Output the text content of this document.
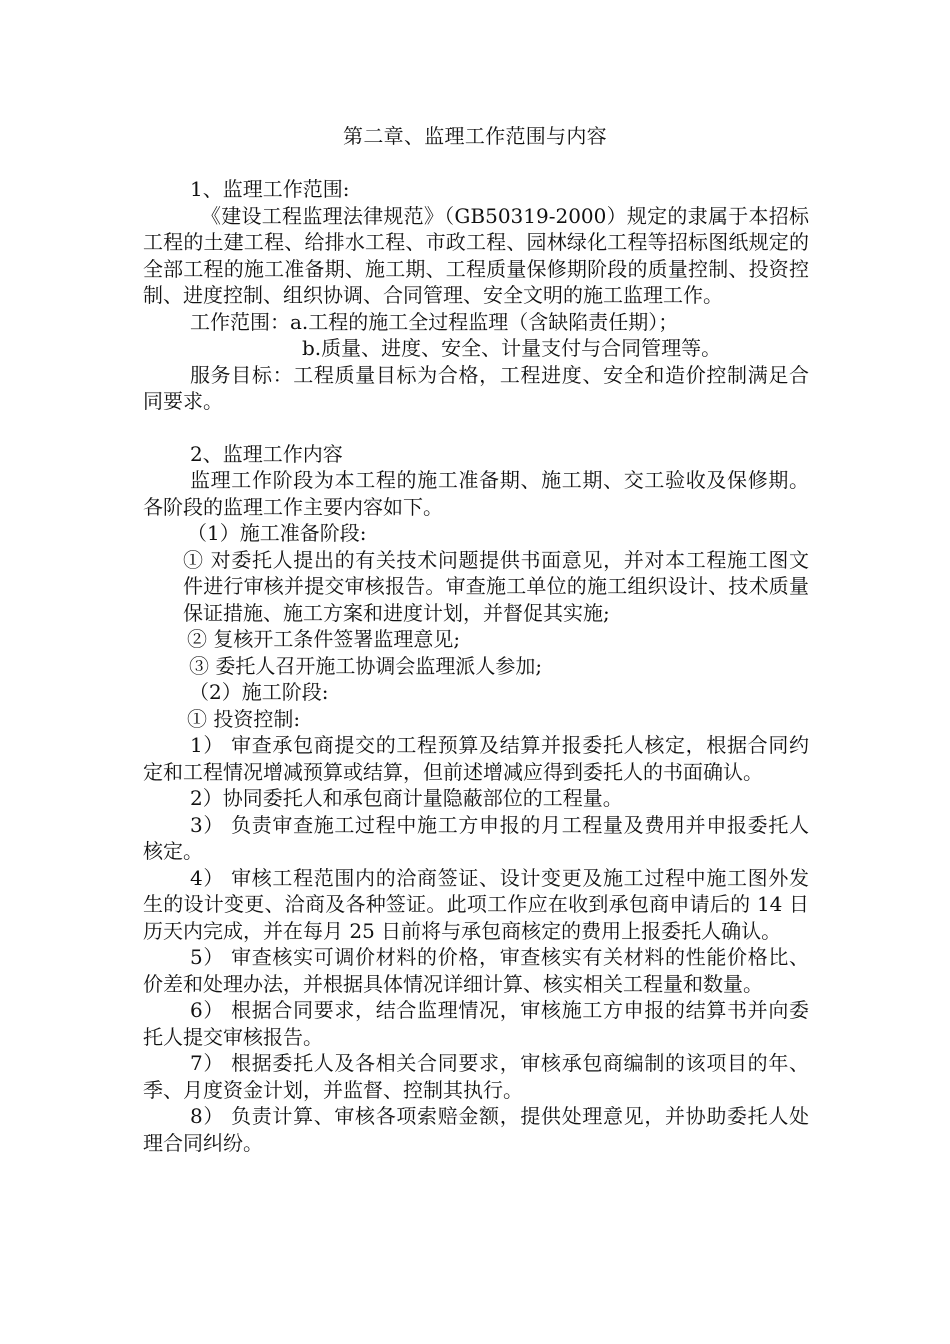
第二章、监理工作范围与内容

1、监理工作范围:

《建设工程监理法律规范》（GB50319-2000）规定的隶属于本招标工程的土建工程、给排水工程、市政工程、园林绿化工程等招标图纸规定的全部工程的施工准备期、施工期、工程质量保修期阶段的质量控制、投资控制、进度控制、组织协调、合同管理、安全文明的施工监理工作。

工作范围：a.工程的施工全过程监理（含缺陷责任期）；

b.质量、进度、安全、计量支付与合同管理等。

服务目标：工程质量目标为合格，工程进度、安全和造价控制满足合同要求。

2、监理工作内容

监理工作阶段为本工程的施工准备期、施工期、交工验收及保修期。各阶段的监理工作主要内容如下。

（1）施工准备阶段:

① 对委托人提出的有关技术问题提供书面意见，并对本工程施工图文件进行审核并提交审核报告。审查施工单位的施工组织设计、技术质量保证措施、施工方案和进度计划，并督促其实施;

② 复核开工条件签署监理意见;

③ 委托人召开施工协调会监理派人参加;

（2）施工阶段:

① 投资控制:

1） 审查承包商提交的工程预算及结算并报委托人核定，根据合同约定和工程情况增减预算或结算，但前述增减应得到委托人的书面确认。

2）协同委托人和承包商计量隐蔽部位的工程量。

3） 负责审查施工过程中施工方申报的月工程量及费用并申报委托人核定。

4） 审核工程范围内的洽商签证、设计变更及施工过程中施工图外发生的设计变更、洽商及各种签证。此项工作应在收到承包商申请后的 14 日历天内完成，并在每月 25 日前将与承包商核定的费用上报委托人确认。

5） 审查核实可调价材料的价格，审查核实有关材料的性能价格比、价差和处理办法，并根据具体情况详细计算、核实相关工程量和数量。

6） 根据合同要求，结合监理情况，审核施工方申报的结算书并向委托人提交审核报告。

7） 根据委托人及各相关合同要求，审核承包商编制的该项目的年、季、月度资金计划，并监督、控制其执行。

8） 负责计算、审核各项索赔金额，提供处理意见，并协助委托人处理合同纠纷。
